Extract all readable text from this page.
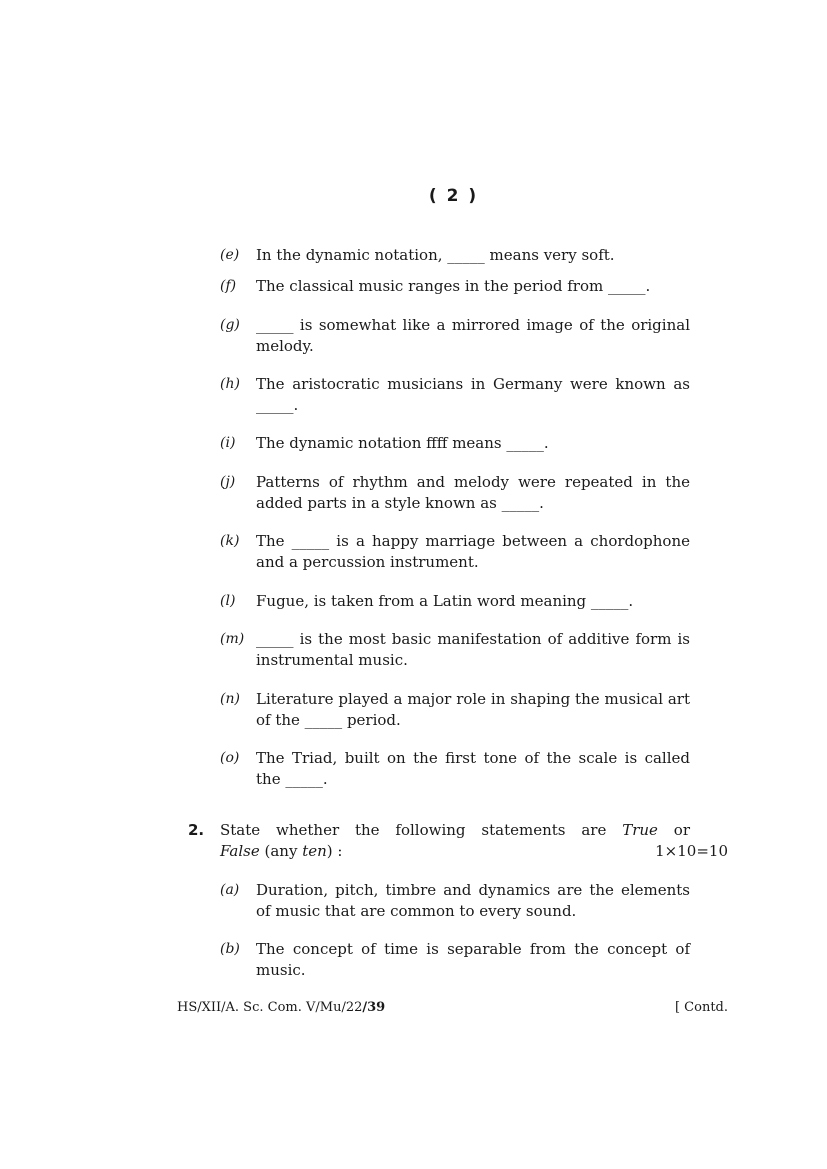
( 2 )
(e) In the dynamic notation, _____ means very soft.
(f) The classical music ranges in the period from _____.
(g) _____ is somewhat like a mirrored image of the original melody.
(h) The aristocratic musicians in Germany were known as _____.
(i) The dynamic notation ffff means _____.
(j) Patterns of rhythm and melody were repeated in the added parts in a style known as _____.
(k) The _____ is a happy marriage between a chordophone and a percussion instrument.
(l) Fugue, is taken from a Latin word meaning _____.
(m) _____ is the most basic manifestation of additive form is instrumental music.
(n) Literature played a major role in shaping the musical art of the _____ period.
(o) The Triad, built on the first tone of the scale is called the _____.
2. State whether the following statements are True or
False (any ten) :	1×10=10
(a) Duration, pitch, timbre and dynamics are the elements of music that are common to every sound.
(b) The concept of time is separable from the concept of music.
HS/XII/A. Sc. Com. V/Mu/22/39	[ Contd.
